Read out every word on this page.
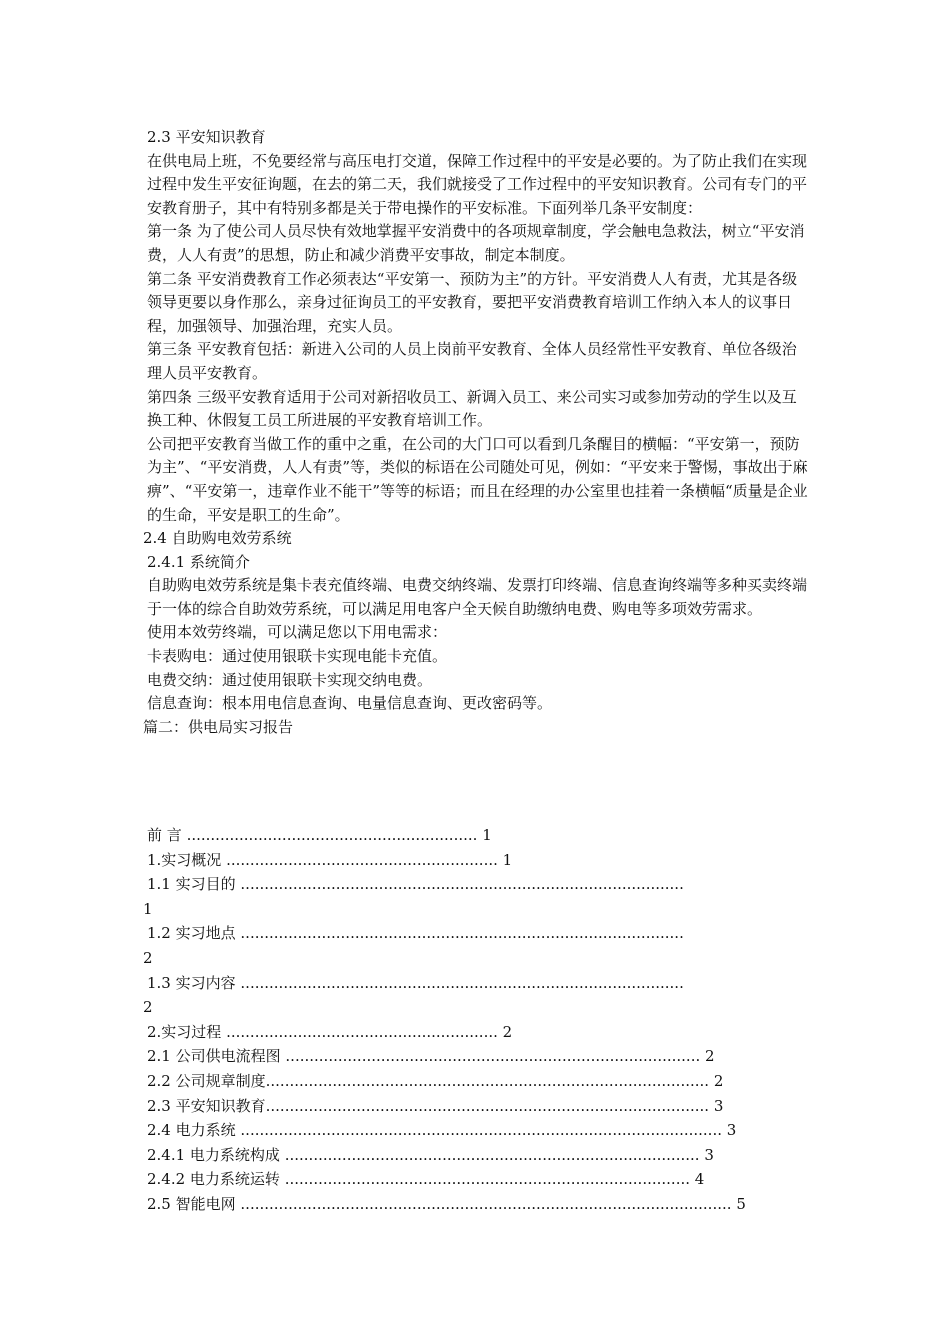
2.3 平安知识教育
在供电局上班，不免要经常与高压电打交道，保障工作过程中的平安是必要的。为了防止我们在实现过程中发生平安征询题，在去的第二天，我们就接受了工作过程中的平安知识教育。公司有专门的平安教育册子，其中有特别多都是关于带电操作的平安标准。下面列举几条平安制度：
第一条 为了使公司人员尽快有效地掌握平安消费中的各项规章制度，学会触电急救法，树立“平安消费，人人有责”的思想，防止和减少消费平安事故，制定本制度。
第二条 平安消费教育工作必须表达“平安第一、预防为主”的方针。平安消费人人有责，尤其是各级领导更要以身作那么，亲身过征询员工的平安教育，要把平安消费教育培训工作纳入本人的议事日程，加强领导、加强治理，充实人员。
第三条 平安教育包括：新进入公司的人员上岗前平安教育、全体人员经常性平安教育、单位各级治理人员平安教育。
第四条 三级平安教育适用于公司对新招收员工、新调入员工、来公司实习或参加劳动的学生以及互换工种、休假复工员工所进展的平安教育培训工作。
公司把平安教育当做工作的重中之重，在公司的大门口可以看到几条醒目的横幅：“平安第一，预防为主”、“平安消费，人人有责”等，类似的标语在公司随处可见，例如：“平安来于警惕，事故出于麻痹”、“平安第一，违章作业不能干”等等的标语；而且在经理的办公室里也挂着一条横幅“质量是企业的生命，平安是职工的生命”。
2.4 自助购电效劳系统
2.4.1 系统简介
自助购电效劳系统是集卡表充值终端、电费交纳终端、发票打印终端、信息查询终端等多种买卖终端于一体的综合自助效劳系统，可以满足用电客户全天候自助缴纳电费、购电等多项效劳需求。
使用本效劳终端，可以满足您以下用电需求：
卡表购电：通过使用银联卡实现电能卡充值。
电费交纳：通过使用银联卡实现交纳电费。
信息查询：根本用电信息查询、电量信息查询、更改密码等。
篇二：供电局实习报告
前 言 ............................................................. 1
1.实习概况 ......................................................... 1
1.1 实习目的 .............................................................................................
1
1.2 实习地点 .............................................................................................
2
1.3 实习内容 .............................................................................................
2
2.实习过程 ......................................................... 2
2.1 公司供电流程图 ....................................................................................... 2
2.2 公司规章制度............................................................................................. 2
2.3 平安知识教育............................................................................................. 3
2.4 电力系统 ..................................................................................................... 3
2.4.1 电力系统构成 ....................................................................................... 3
2.4.2 电力系统运转 ..................................................................................... 4
2.5 智能电网 ....................................................................................................... 5
